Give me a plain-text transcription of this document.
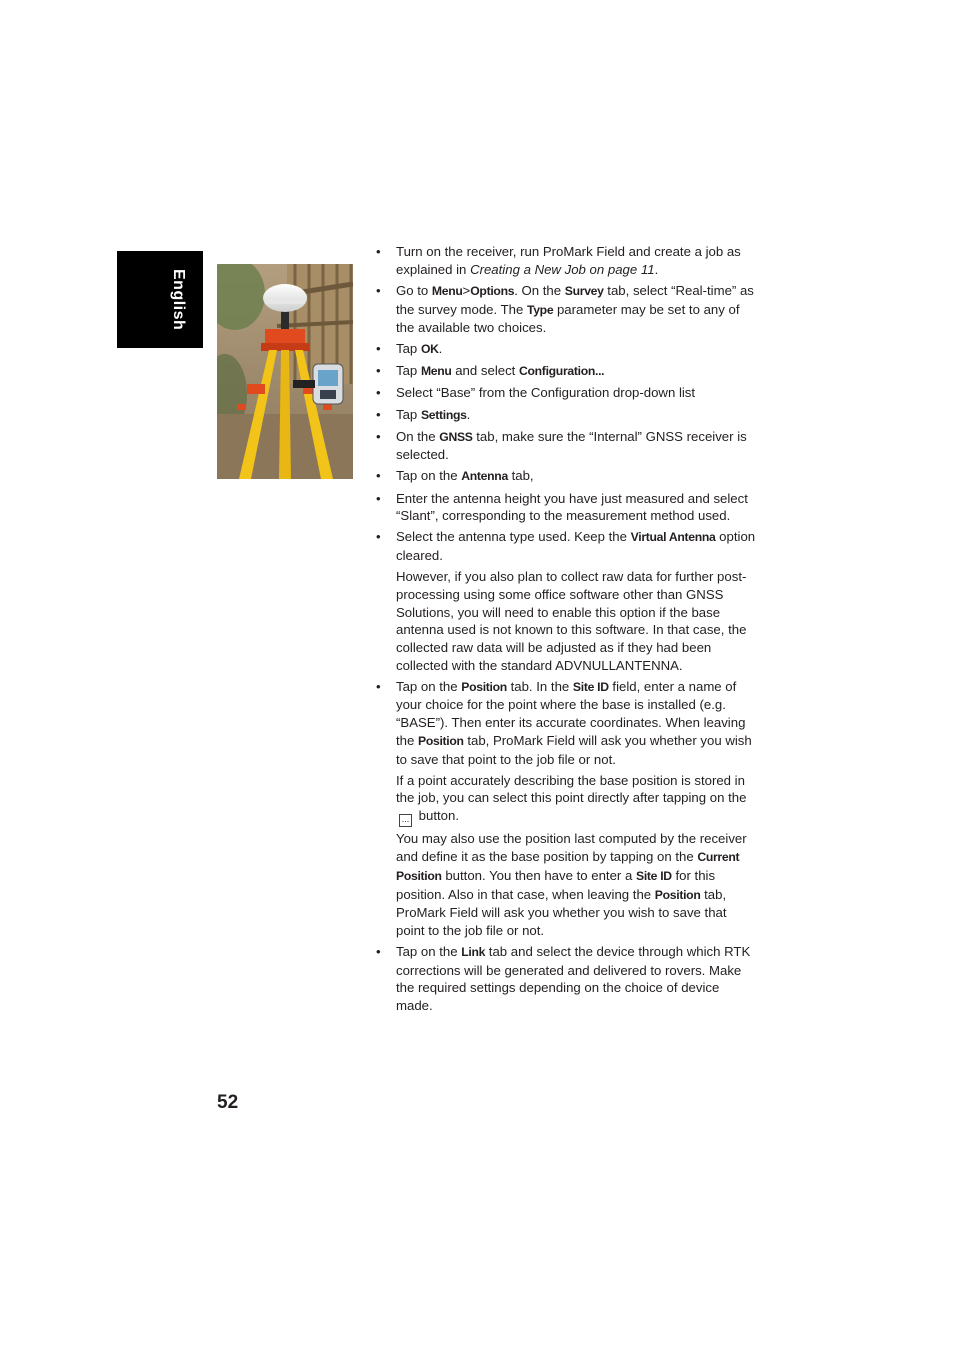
English

• Turn on the receiver, run ProMark Field and create a job as explained in Creating a New Job on page 11.

• Go to Menu>Options. On the Survey tab, select “Real-time” as the survey mode. The Type parameter may be set to any of the available two choices.

• Tap OK.

• Tap Menu and select Configuration...

• Select “Base” from the Configuration drop-down list

• Tap Settings.

• On the GNSS tab, make sure the “Internal” GNSS receiver is selected.

• Tap on the Antenna tab,

• Enter the antenna height you have just measured and select “Slant”, corresponding to the measurement method used.

• Select the antenna type used. Keep the Virtual Antenna option cleared.

However, if you also plan to collect raw data for further post-processing using some office software other than GNSS Solutions, you will need to enable this option if the base antenna used is not known to this software. In that case, the collected raw data will be adjusted as if they had been collected with the standard ADVNULLANTENNA.

• Tap on the Position tab. In the Site ID field, enter a name of your choice for the point where the base is installed (e.g. “BASE”). Then enter its accurate coordinates. When leaving the Position tab, ProMark Field will ask you whether you wish to save that point to the job file or not.

If a point accurately describing the base position is stored in the job, you can select this point directly after tapping on the ... button.

You may also use the position last computed by the receiver and define it as the base position by tapping on the Current Position button. You then have to enter a Site ID for this position. Also in that case, when leaving the Position tab, ProMark Field will ask you whether you wish to save that point to the job file or not.

• Tap on the Link tab and select the device through which RTK corrections will be generated and delivered to rovers. Make the required settings depending on the choice of device made.

52
